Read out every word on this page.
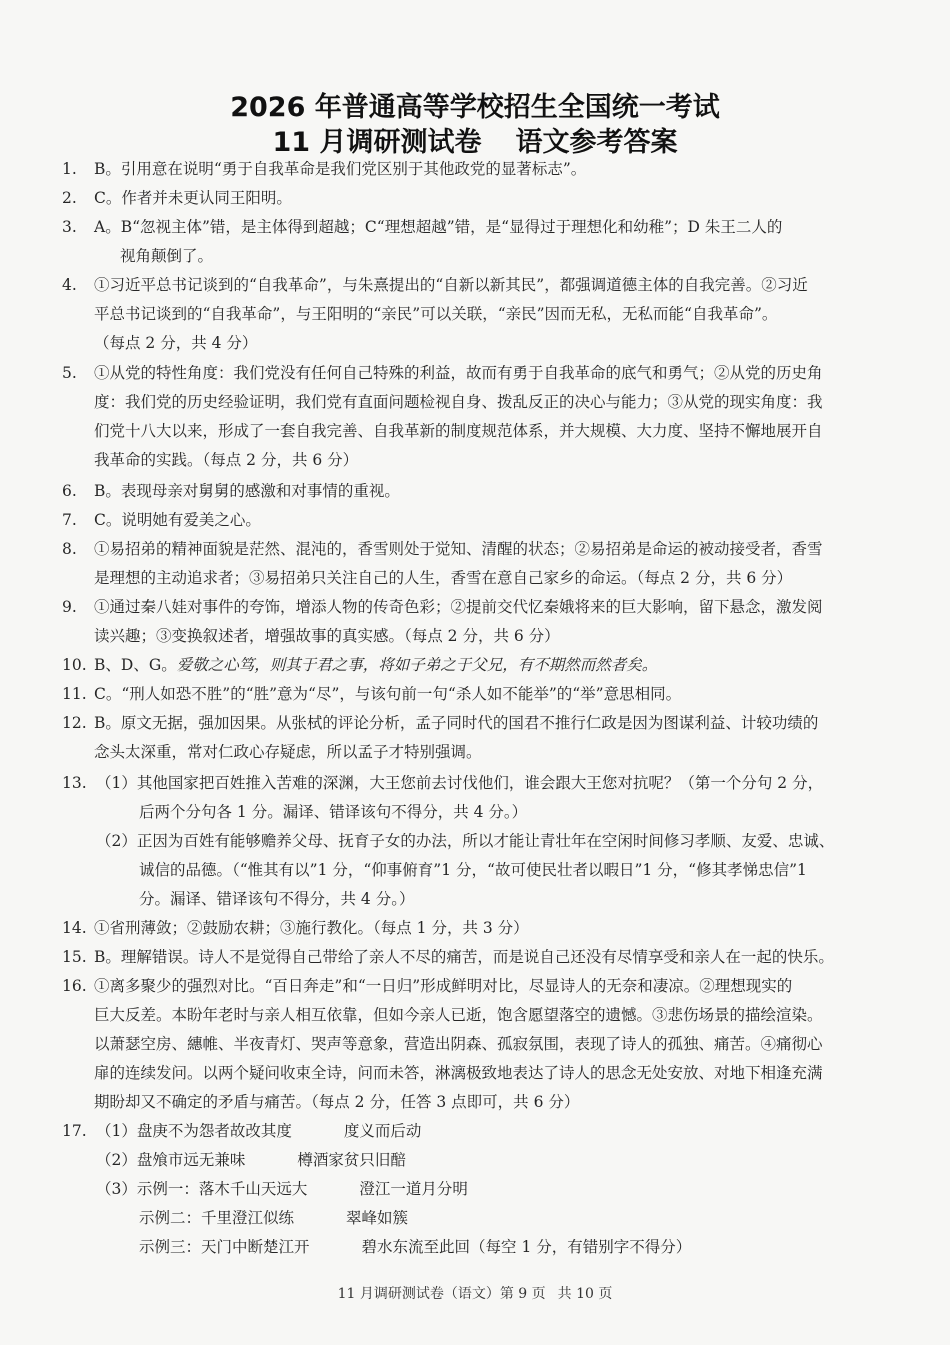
2026 年普通高等学校招生全国统一考试
11 月调研测试卷 语文参考答案
1. B。引用意在说明“勇于自我革命是我们党区别于其他政党的显著标志”。
2. C。作者并未更认同王阳明。
3. A。B“忽视主体”错，是主体得到超越；C“理想超越”错，是“显得过于理想化和幼稚”；D 朱王二人的
视角颠倒了。
4. ①习近平总书记谈到的“自我革命”，与朱熹提出的“自新以新其民”，都强调道德主体的自我完善。②习近
平总书记谈到的“自我革命”，与王阳明的“亲民”可以关联，“亲民”因而无私，无私而能“自我革命”。
（每点 2 分，共 4 分）
5. ①从党的特性角度：我们党没有任何自己特殊的利益，故而有勇于自我革命的底气和勇气；②从党的历史角
度：我们党的历史经验证明，我们党有直面问题检视自身、拨乱反正的决心与能力；③从党的现实角度：我
们党十八大以来，形成了一套自我完善、自我革新的制度规范体系，并大规模、大力度、坚持不懈地展开自
我革命的实践。（每点 2 分，共 6 分）
6. B。表现母亲对舅舅的感激和对事情的重视。
7. C。说明她有爱美之心。
8. ①易招弟的精神面貌是茫然、混沌的，香雪则处于觉知、清醒的状态；②易招弟是命运的被动接受者，香雪
是理想的主动追求者；③易招弟只关注自己的人生，香雪在意自己家乡的命运。（每点 2 分，共 6 分）
9. ①通过秦八娃对事件的夸饰，增添人物的传奇色彩；②提前交代忆秦娥将来的巨大影响，留下悬念，激发阅
读兴趣；③变换叙述者，增强故事的真实感。（每点 2 分，共 6 分）
10. B、D、G。爱敬之心笃，则其于君之事，将如子弟之于父兄，有不期然而然者矣。
11. C。“刑人如恐不胜”的“胜”意为“尽”，与该句前一句“杀人如不能举”的“举”意思相同。
12. B。原文无据，强加因果。从张栻的评论分析，孟子同时代的国君不推行仁政是因为图谋利益、计较功绩的
念头太深重，常对仁政心存疑虑，所以孟子才特别强调。
13. （1）其他国家把百姓推入苦难的深渊，大王您前去讨伐他们，谁会跟大王您对抗呢？（第一个分句 2 分，
后两个分句各 1 分。漏译、错译该句不得分，共 4 分。）
（2）正因为百姓有能够赡养父母、抚育子女的办法，所以才能让青壮年在空闲时间修习孝顺、友爱、忠诚、
诚信的品德。（“惟其有以”1 分，“仰事俯育”1 分，“故可使民壮者以暇日”1 分，“修其孝悌忠信”1
分。漏译、错译该句不得分，共 4 分。）
14. ①省刑薄敛；②鼓励农耕；③施行教化。（每点 1 分，共 3 分）
15. B。理解错误。诗人不是觉得自己带给了亲人不尽的痛苦，而是说自己还没有尽情享受和亲人在一起的快乐。
16. ①离多聚少的强烈对比。“百日奔走”和“一日归”形成鲜明对比，尽显诗人的无奈和凄凉。②理想现实的
巨大反差。本盼年老时与亲人相互依靠，但如今亲人已逝，饱含愿望落空的遗憾。③悲伤场景的描绘渲染。
以萧瑟空房、繐帷、半夜青灯、哭声等意象，营造出阴森、孤寂氛围，表现了诗人的孤独、痛苦。④痛彻心
扉的连续发问。以两个疑问收束全诗，问而未答，淋漓极致地表达了诗人的思念无处安放、对地下相逢充满
期盼却又不确定的矛盾与痛苦。（每点 2 分，任答 3 点即可，共 6 分）
17. （1）盘庚不为怨者故改其度	度义而后动
（2）盘飧市远无兼味	樽酒家贫只旧醅
（3）示例一：落木千山天远大	澄江一道月分明
示例二：千里澄江似练	翠峰如簇
示例三：天门中断楚江开	碧水东流至此回（每空 1 分，有错别字不得分）
11 月调研测试卷（语文）第 9 页 共 10 页
